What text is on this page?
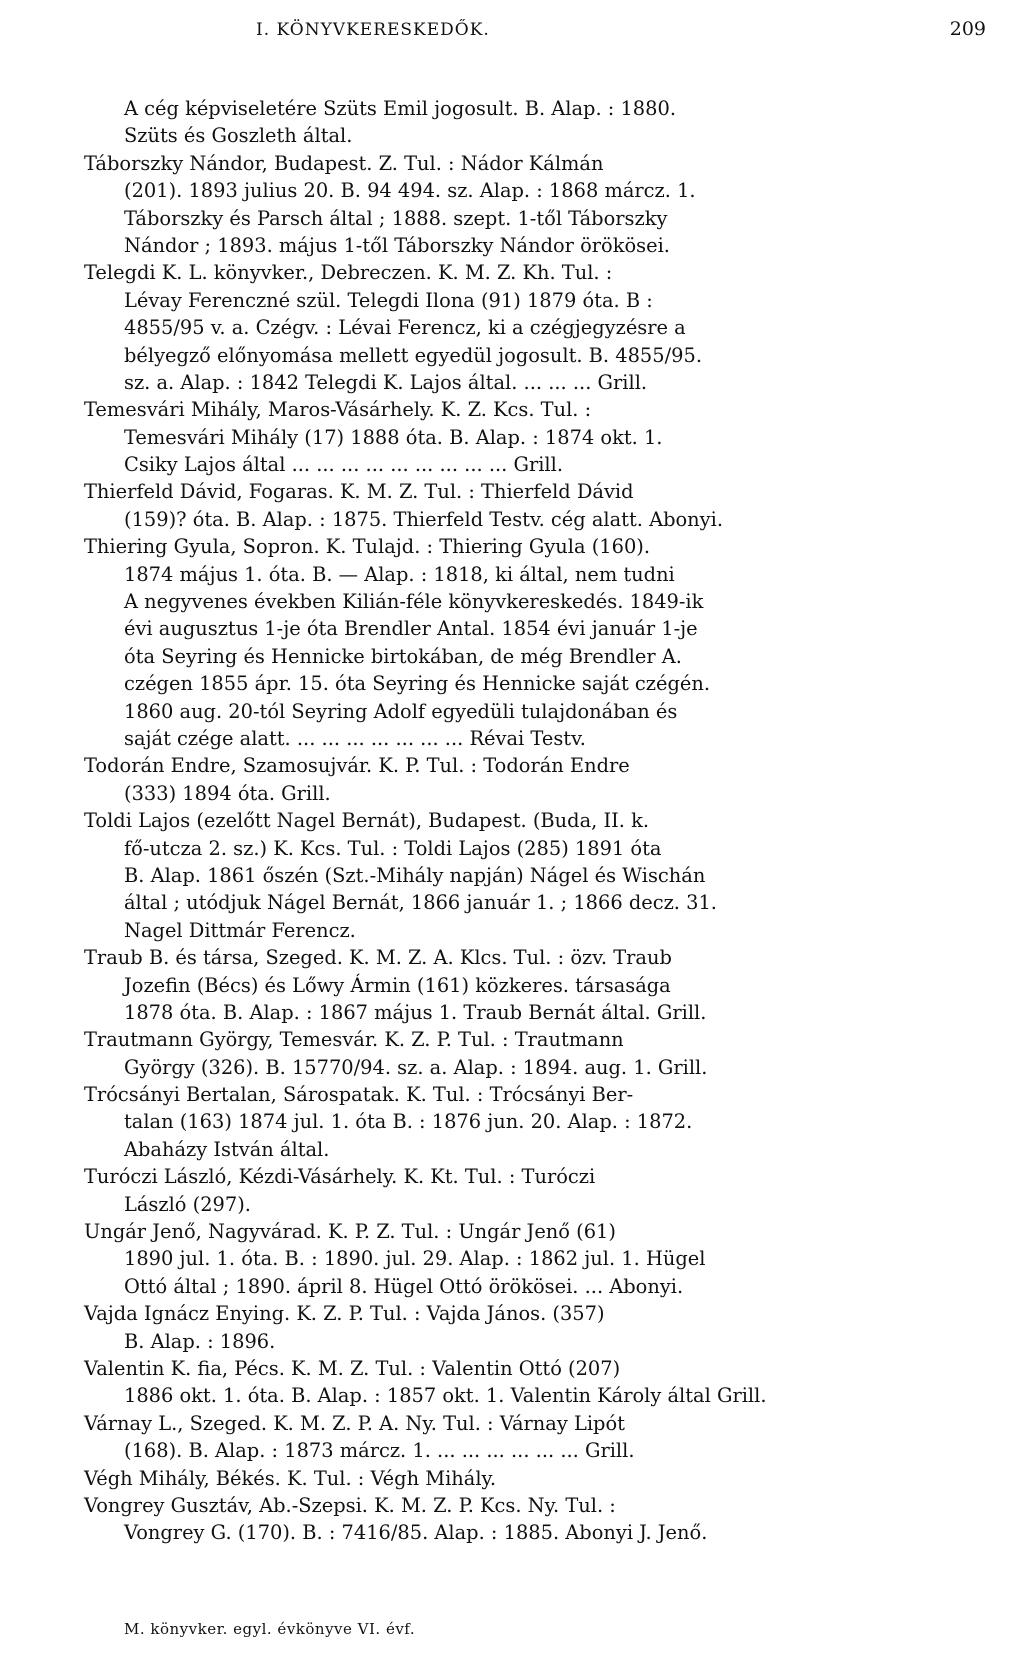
I. KÖNYVKERESKEDŐK.	209
A cég képviseletére Szüts Emil jogosult. B. Alap. : 1880.
Szüts és Goszleth által.
Táborszky Nándor, Budapest. Z. Tul. : Nádor Kálmán
(201). 1893 julius 20. B. 94 494. sz. Alap. : 1868 márcz. 1.
Táborszky és Parsch által ; 1888. szept. 1-től Táborszky
Nándor ; 1893. május 1-től Táborszky Nándor örökösei.
Telegdi K. L. könyvker., Debreczen. K. M. Z. Kh. Tul. :
Lévay Ferenczné szül. Telegdi Ilona (91) 1879 óta. B :
4855/95 v. a. Czégv. : Lévai Ferencz, ki a czégjegyzésre a
bélyegző előnyomása mellett egyedül jogosult. B. 4855/95.
sz. a. Alap. : 1842 Telegdi K. Lajos által. ... ... ... Grill.
Temesvári Mihály, Maros-Vásárhely. K. Z. Kcs. Tul. :
Temesvári Mihály (17) 1888 óta. B. Alap. : 1874 okt. 1.
Csiky Lajos által ... ... ... ... ... ... ... ... ... Grill.
Thierfeld Dávid, Fogaras. K. M. Z. Tul. : Thierfeld Dávid
(159)? óta. B. Alap. : 1875. Thierfeld Testv. cég alatt. Abonyi.
Thiering Gyula, Sopron. K. Tulajd. : Thiering Gyula (160).
1874 május 1. óta. B. — Alap. : 1818, ki által, nem tudni
A negyvenes években Kilián-féle könyvkereskedés. 1849-ik
évi augusztus 1-je óta Brendler Antal. 1854 évi január 1-je
óta Seyring és Hennicke birtokában, de még Brendler A.
czégen 1855 ápr. 15. óta Seyring és Hennicke saját czégén.
1860 aug. 20-tól Seyring Adolf egyedüli tulajdonában és
saját czége alatt. ... ... ... ... ... ... ... Révai Testv.
Todorán Endre, Szamosujvár. K. P. Tul. : Todorán Endre
(333) 1894 óta. Grill.
Toldi Lajos (ezelőtt Nagel Bernát), Budapest. (Buda, II. k.
fő-utcza 2. sz.) K. Kcs. Tul. : Toldi Lajos (285) 1891 óta
B. Alap. 1861 őszén (Szt.-Mihály napján) Nágel és Wischán
által ; utódjuk Nágel Bernát, 1866 január 1. ; 1866 decz. 31.
Nagel Dittmár Ferencz.
Traub B. és társa, Szeged. K. M. Z. A. Klcs. Tul. : özv. Traub
Jozefin (Bécs) és Lőwy Ármin (161) közkeres. társasága
1878 óta. B. Alap. : 1867 május 1. Traub Bernát által. Grill.
Trautmann György, Temesvár. K. Z. P. Tul. : Trautmann
György (326). B. 15770/94. sz. a. Alap. : 1894. aug. 1. Grill.
Trócsányi Bertalan, Sárospatak. K. Tul. : Trócsányi Ber-
talan (163) 1874 jul. 1. óta B. : 1876 jun. 20. Alap. : 1872.
Abaházy István által.
Turóczi László, Kézdi-Vásárhely. K. Kt. Tul. : Turóczi
László (297).
Ungár Jenő, Nagyvárad. K. P. Z. Tul. : Ungár Jenő (61)
1890 jul. 1. óta. B. : 1890. jul. 29. Alap. : 1862 jul. 1. Hügel
Ottó által ; 1890. ápril 8. Hügel Ottó örökösei. ... Abonyi.
Vajda Ignácz Enying. K. Z. P. Tul. : Vajda János. (357)
B. Alap. : 1896.
Valentin K. fia, Pécs. K. M. Z. Tul. : Valentin Ottó (207)
1886 okt. 1. óta. B. Alap. : 1857 okt. 1. Valentin Károly által Grill.
Várnay L., Szeged. K. M. Z. P. A. Ny. Tul. : Várnay Lipót
(168). B. Alap. : 1873 márcz. 1. ... ... ... ... ... ... Grill.
Végh Mihály, Békés. K. Tul. : Végh Mihály.
Vongrey Gusztáv, Ab.-Szepsi. K. M. Z. P. Kcs. Ny. Tul. :
Vongrey G. (170). B. : 7416/85. Alap. : 1885. Abonyi J. Jenő.
M. könyvker. egyl. évkönyve VI. évf.
